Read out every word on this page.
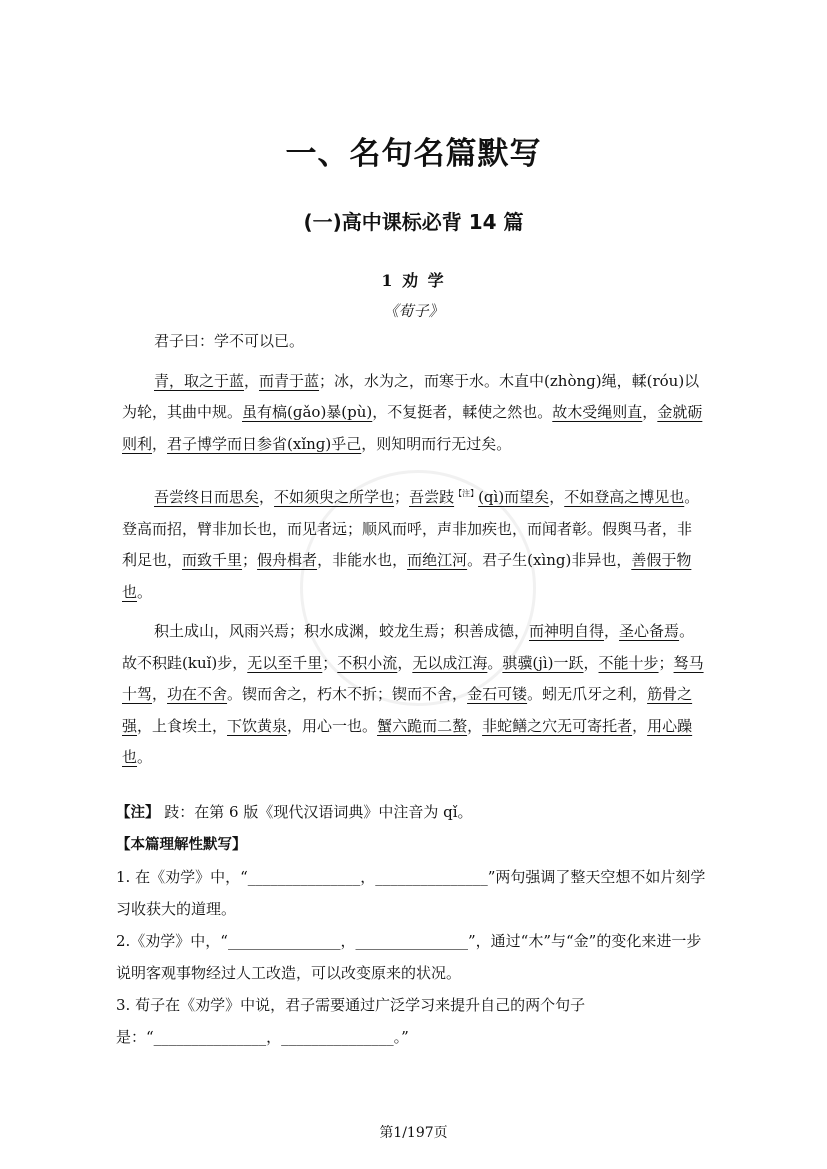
一、名句名篇默写
(一)高中课标必背 14 篇
1 劝 学
《荀子》

君子曰：学不可以已。

青，取之于蓝，而青于蓝；冰，水为之，而寒于水。木直中(zhònɡ)绳，輮(róu)以为轮，其曲中规。虽有槁(ɡǎo)暴(pù)，不复挺者，輮使之然也。故木受绳则直，金就砺则利，君子博学而日参省(xǐnɡ)乎己，则知明而行无过矣。

吾尝终日而思矣，不如须臾之所学也；吾尝跂$^{【注】}$(qì)而望矣，不如登高之博见也。登高而招，臂非加长也，而见者远；顺风而呼，声非加疾也，而闻者彰。假舆马者，非利足也，而致千里；假舟楫者，非能水也，而绝江河。君子生(xìng)非异也，善假于物也。

积土成山，风雨兴焉；积水成渊，蛟龙生焉；积善成德，而神明自得，圣心备焉。故不积跬(kuǐ)步，无以至千里；不积小流，无以成江海。骐骥(jì)一跃，不能十步；驽马十驾，功在不舍。锲而舍之，朽木不折；锲而不舍，金石可镂。蚓无爪牙之利，筋骨之强，上食埃土，下饮黄泉，用心一也。蟹六跪而二螯，非蛇鳝之穴无可寄托者，用心躁也。

【注】 跂：在第 6 版《现代汉语词典》中注音为 qǐ。

【本篇理解性默写】

1. 在《劝学》中，“_______________，_______________”两句强调了整天空想不如片刻学习收获大的道理。

2.《劝学》中，“_______________，_______________”，通过“木”与“金”的变化来进一步说明客观事物经过人工改造，可以改变原来的状况。

3. 荀子在《劝学》中说，君子需要通过广泛学习来提升自己的两个句子是：“_______________，_______________。”

第1/197页
